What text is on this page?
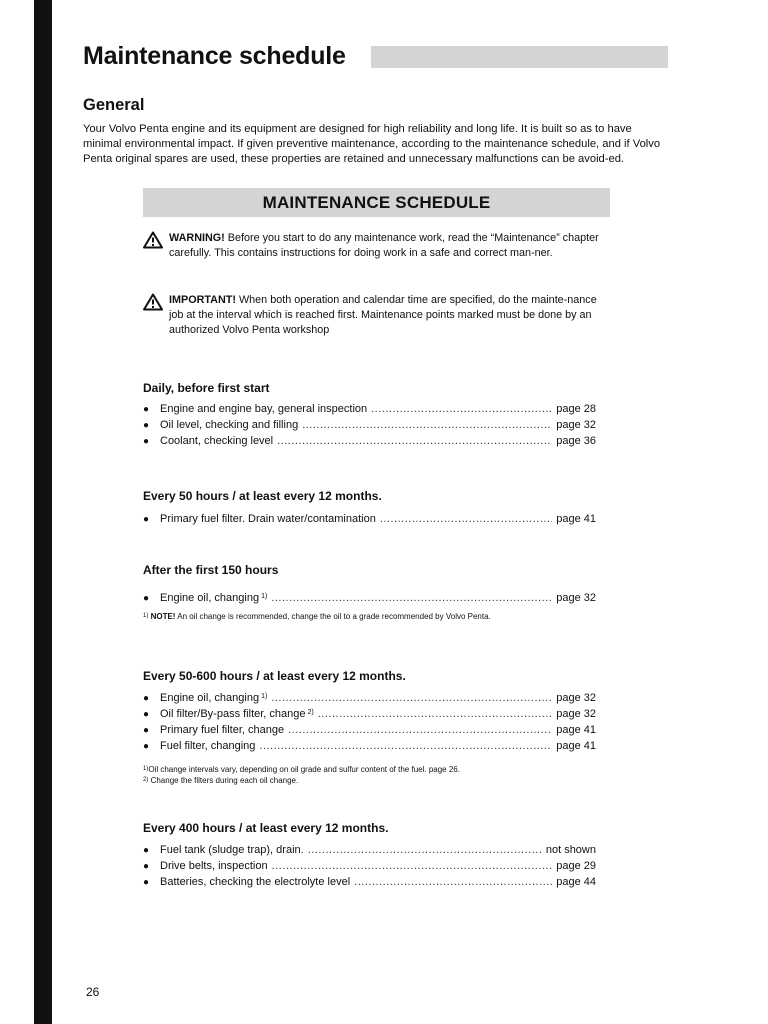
Maintenance schedule
General

Your Volvo Penta engine and its equipment are designed for high reliability and long life. It is built so as to have minimal environmental impact. If given preventive maintenance, according to the maintenance schedule, and if Volvo Penta original spares are used, these properties are retained and unnecessary malfunctions can be avoid-ed.

MAINTENANCE SCHEDULE

WARNING! Before you start to do any maintenance work, read the “Maintenance” chapter carefully. This contains instructions for doing work in a safe and correct man-ner.

IMPORTANT! When both operation and calendar time are specified, do the mainte-nance job at the interval which is reached first. Maintenance points marked must be done by an authorized Volvo Penta workshop

Daily, before first start
● Engine and engine bay, general inspection .....	page 28
● Oil level, checking and filling .....	page 32
● Coolant, checking level .....	page 36
Every 50 hours / at least every 12 months.
● Primary fuel filter. Drain water/contamination .....	page 41
After the first 150 hours
● Engine oil, changing $^{1)}$ .....	page 32

$^{1)}$ NOTE! An oil change is recommended, change the oil to a grade recommended by Volvo Penta.

Every 50-600 hours / at least every 12 months.
● Engine oil, changing $^{1)}$ .....	page 32
● Oil filter/By-pass filter, change $^{2)}$ .....	page 32
● Primary fuel filter, change .....	page 41
● Fuel filter, changing .....	page 41

$^{1)}$Oil change intervals vary, depending on oil grade and sulfur content of the fuel. page 26.

$^{2)}$ Change the filters during each oil change.

Every 400 hours / at least every 12 months.
● Fuel tank (sludge trap), drain. .....	not shown
● Drive belts, inspection .....	page 29
● Batteries, checking the electrolyte level .....	page 44
26
